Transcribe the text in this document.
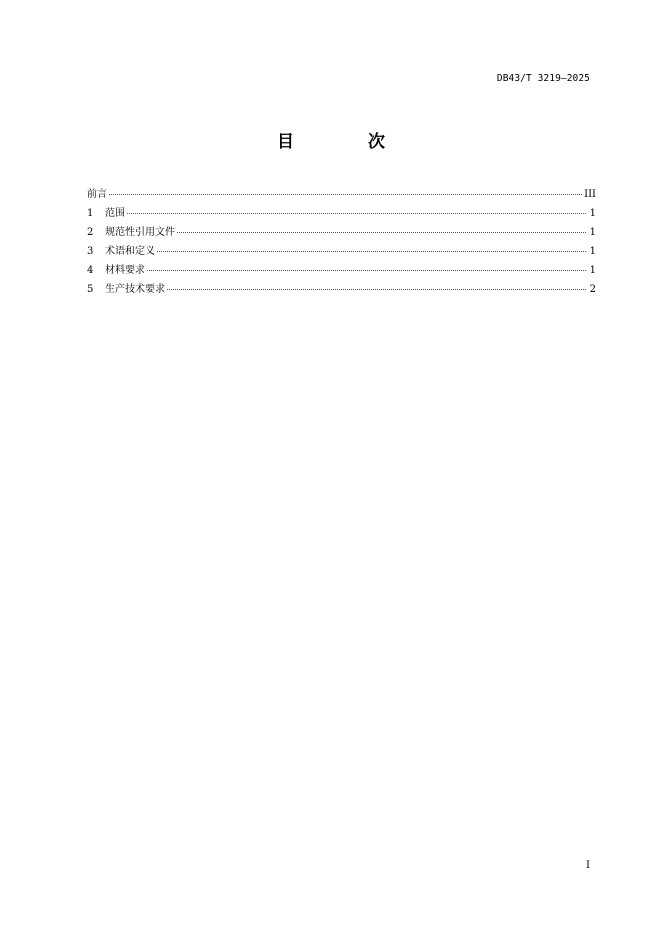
DB43/T 3219—2025
目 次
前言	III
1	范围	1
2	规范性引用文件	1
3	术语和定义	1
4	材料要求	1
5	生产技术要求	2
I
